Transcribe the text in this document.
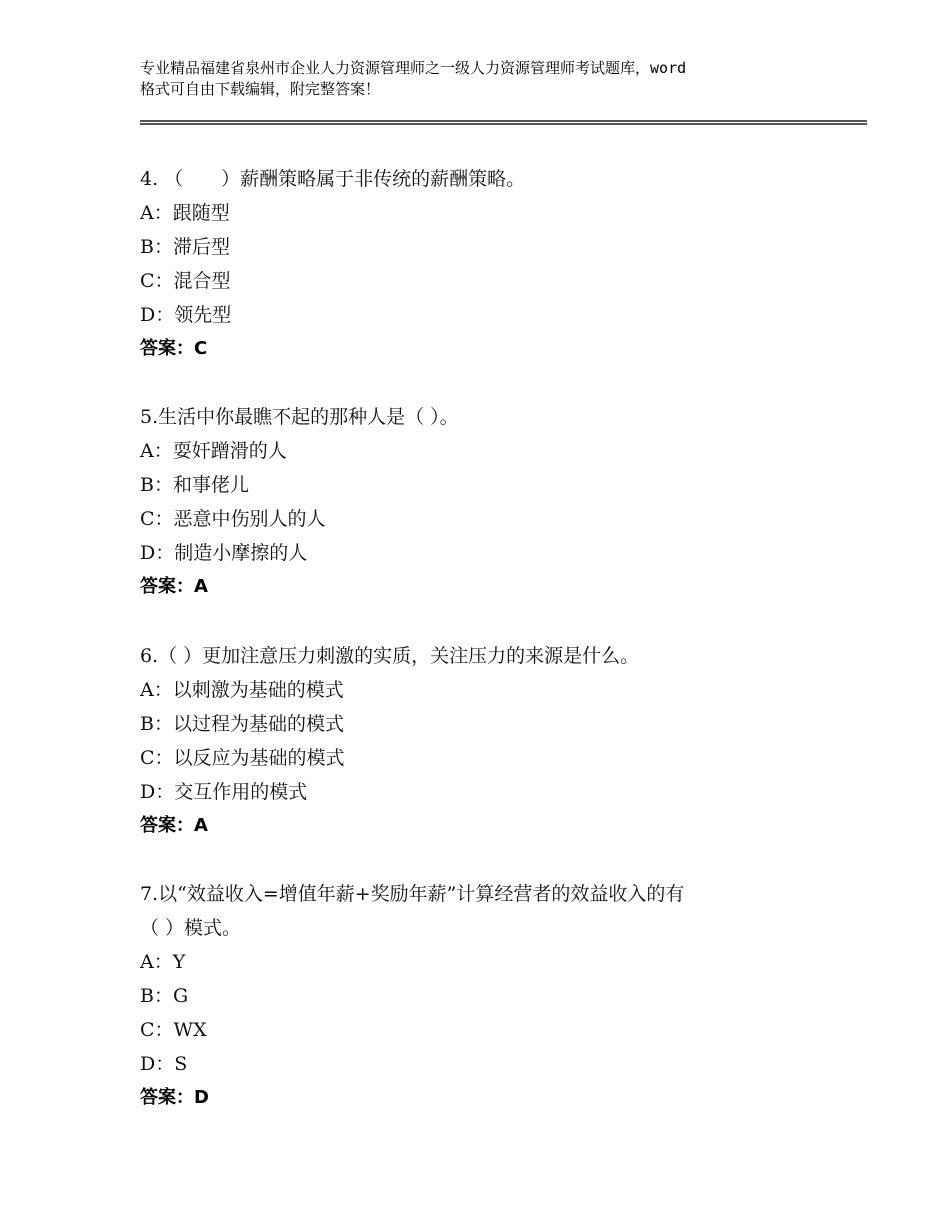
专业精品福建省泉州市企业人力资源管理师之一级人力资源管理师考试题库，word
格式可自由下载编辑，附完整答案！

4. （　　）薪酬策略属于非传统的薪酬策略。

A：跟随型

B：滞后型

C：混合型

D：领先型

答案：C

5.生活中你最瞧不起的那种人是（ ）。

A：耍奸蹭滑的人

B：和事佬儿

C：恶意中伤别人的人

D：制造小摩擦的人

答案：A

6.（ ）更加注意压力刺激的实质，关注压力的来源是什么。

A：以刺激为基础的模式

B：以过程为基础的模式

C：以反应为基础的模式

D：交互作用的模式

答案：A

7.以“效益收入=增值年薪+奖励年薪”计算经营者的效益收入的有

（ ）模式。

A：Y

B：G

C：WX

D：S

答案：D
